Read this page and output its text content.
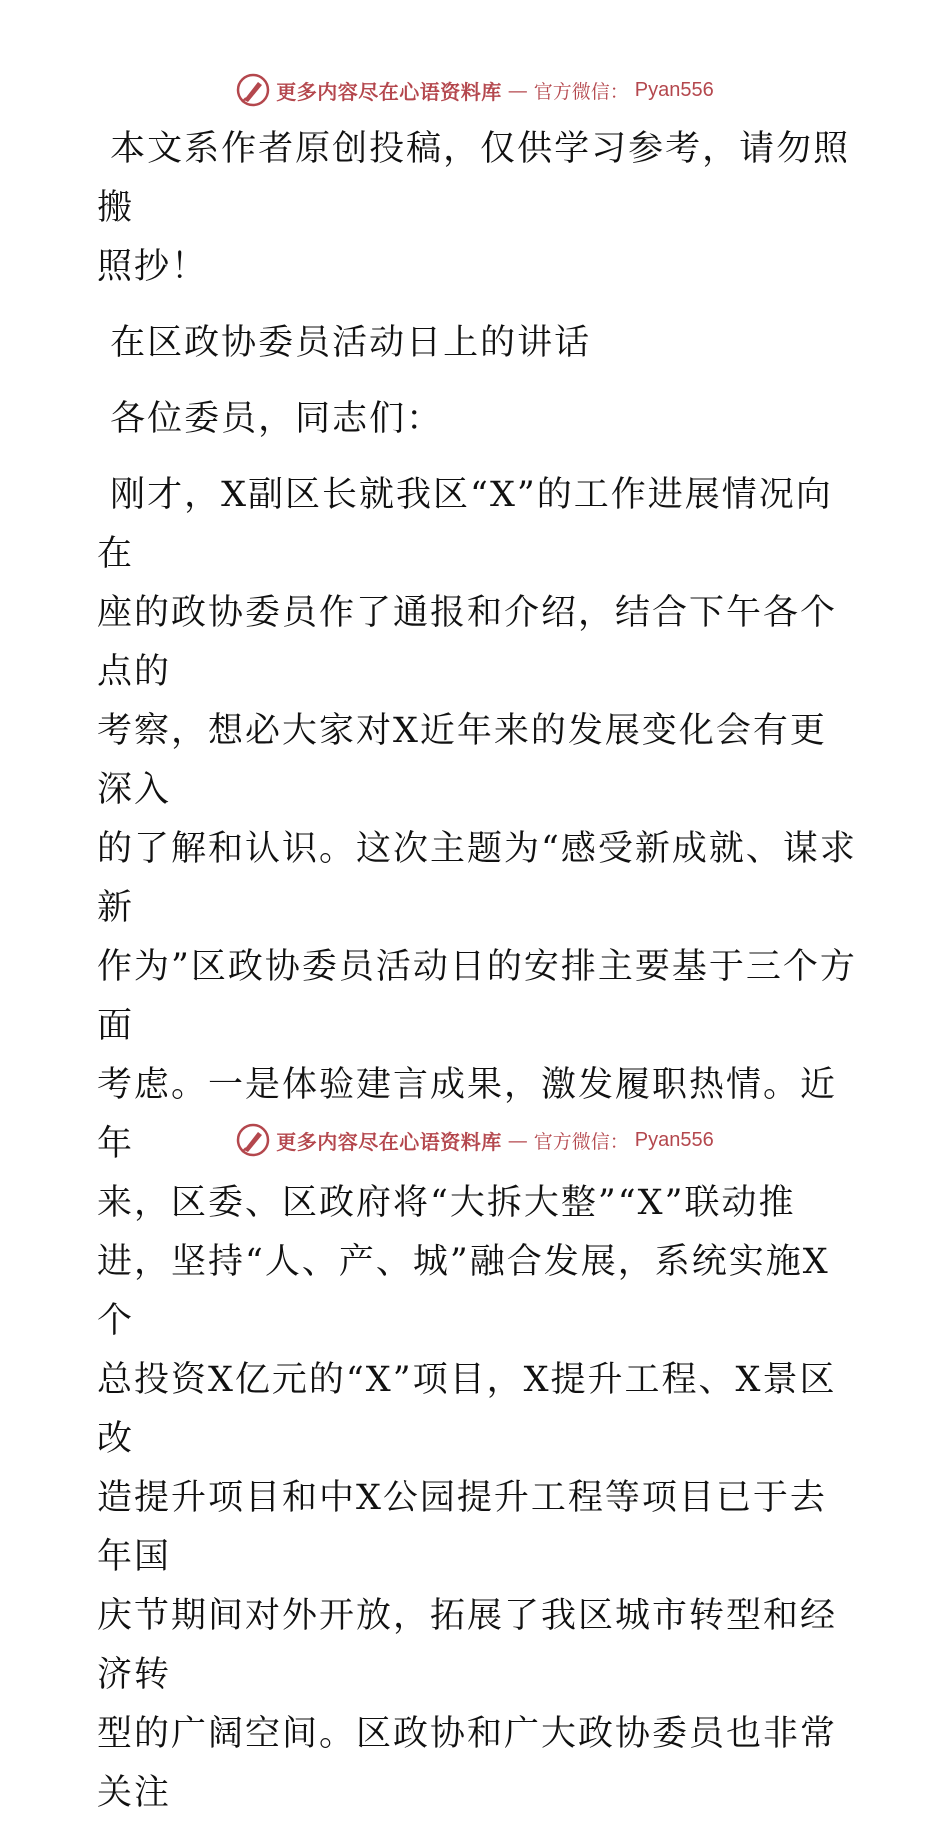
更多内容尽在心语资料库 — 官方微信： Pyan556

本文系作者原创投稿，仅供学习参考，请勿照搬

照抄！

在区政协委员活动日上的讲话

各位委员，同志们：

刚才，X副区长就我区“X”的工作进展情况向在

座的政协委员作了通报和介绍，结合下午各个点的

考察，想必大家对X近年来的发展变化会有更深入

的了解和认识。这次主题为“感受新成就、谋求新

作为”区政协委员活动日的安排主要基于三个方面

考虑。一是体验建言成果，激发履职热情。近年

来，区委、区政府将“大拆大整”“X”联动推

进，坚持“人、产、城”融合发展，系统实施X个

总投资X亿元的“X”项目，X提升工程、X景区改

造提升项目和中X公园提升工程等项目已于去年国

庆节期间对外开放，拓展了我区城市转型和经济转

型的广阔空间。区政协和广大政协委员也非常关注

更多内容尽在心语资料库 — 官方微信： Pyan556
